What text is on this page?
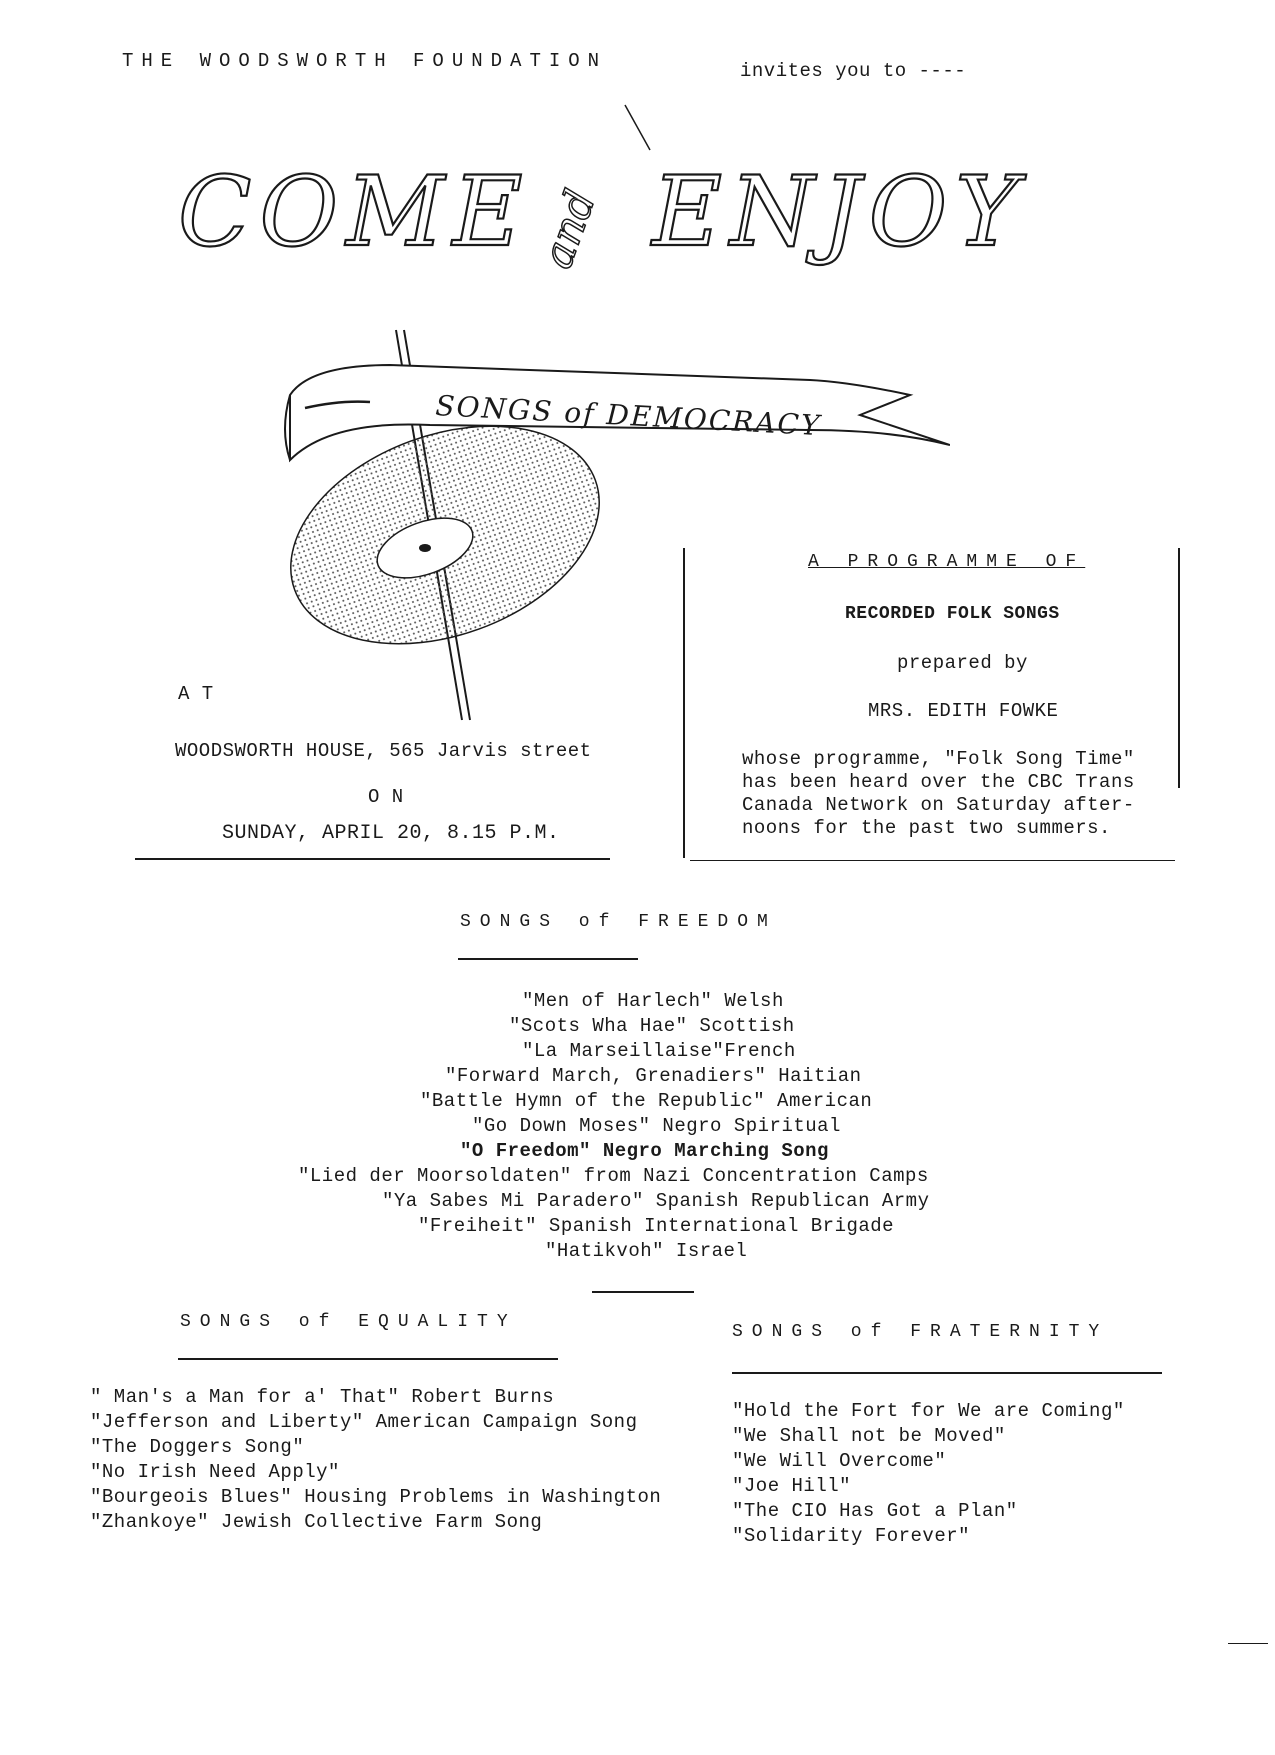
THE WOODSWORTH FOUNDATION	invites you to ----
COME and ENJOY
SONGS of DEMOCRACY
A T
WOODSWORTH HOUSE, 565 Jarvis street
O N
SUNDAY, APRIL 20, 8.15 P.M.
A PROGRAMME OF
RECORDED FOLK SONGS
prepared by
MRS. EDITH FOWKE
whose programme, "Folk Song Time"
has been heard over the CBC Trans
Canada Network on Saturday after-
noons for the past two summers.
SONGS of FREEDOM
"Men of Harlech" Welsh
"Scots Wha Hae" Scottish
"La Marseillaise"French
"Forward March, Grenadiers" Haitian
"Battle Hymn of the Republic" American
"Go Down Moses" Negro Spiritual
"O Freedom" Negro Marching Song
"Lied der Moorsoldaten" from Nazi Concentration Camps
"Ya Sabes Mi Paradero" Spanish Republican Army
"Freiheit" Spanish International Brigade
"Hatikvoh" Israel
SONGS of EQUALITY
" Man's a Man for a' That" Robert Burns
"Jefferson and Liberty" American Campaign Song
"The Doggers Song"
"No Irish Need Apply"
"Bourgeois Blues" Housing Problems in Washington
"Zhankoye" Jewish Collective Farm Song
SONGS of FRATERNITY
"Hold the Fort for We are Coming"
"We Shall not be Moved"
"We Will Overcome"
"Joe Hill"
"The CIO Has Got a Plan"
"Solidarity Forever"
